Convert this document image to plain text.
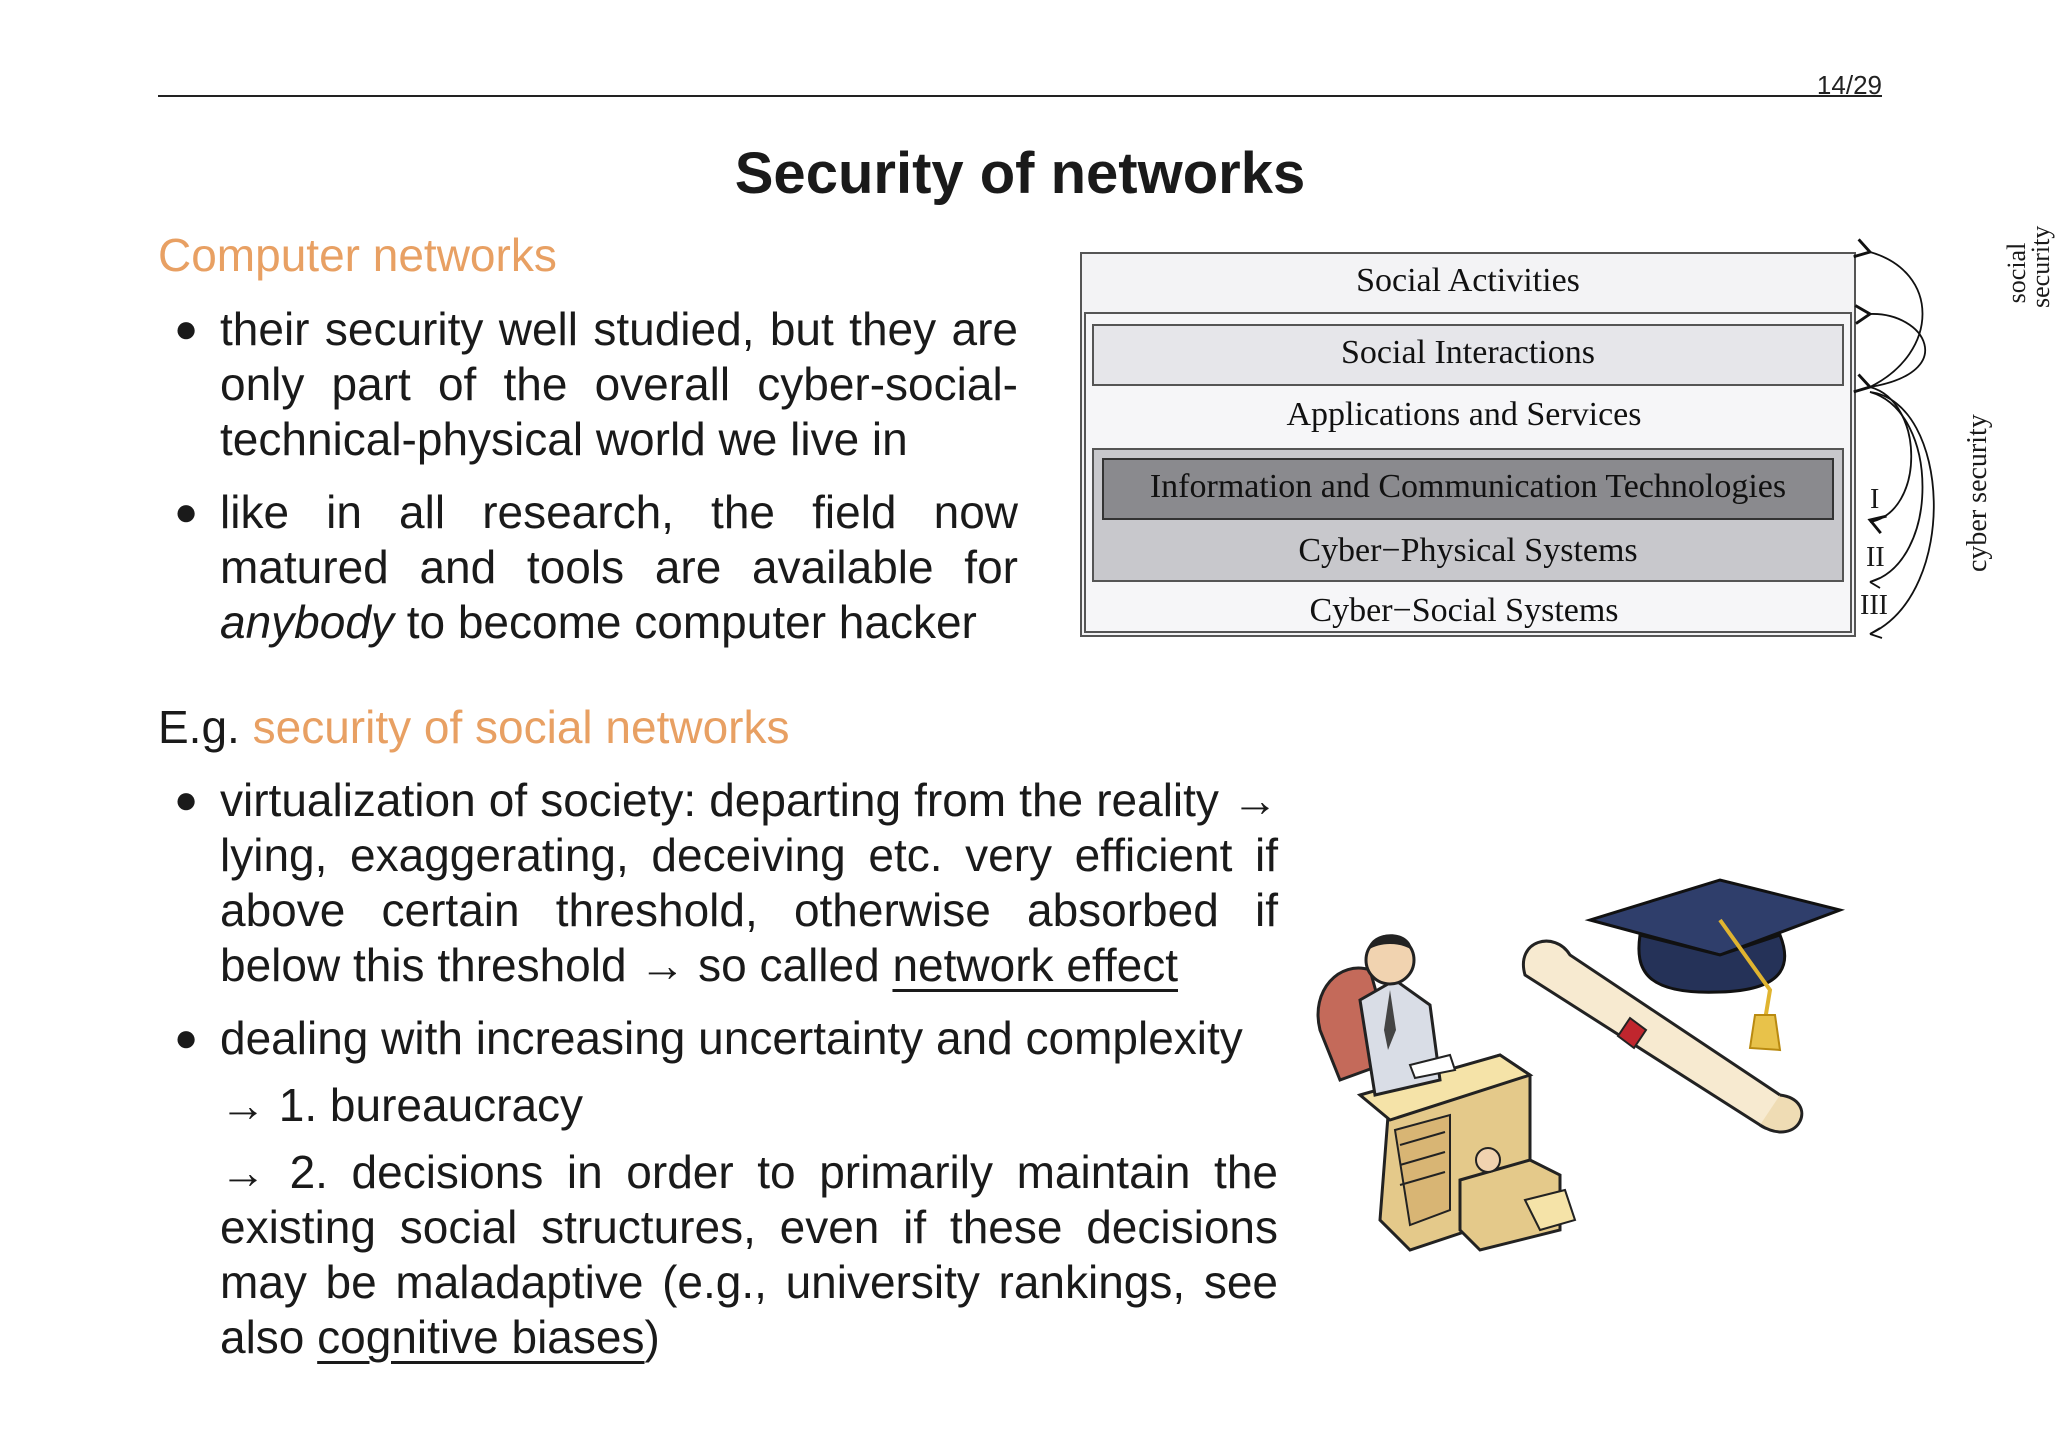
14/29
Security of networks
Computer networks
● their security well studied, but they are only part of the overall cyber-social-technical-physical world we live in

● like in all research, the field now matured and tools are available for anybody to become computer hacker

E.g. security of social networks
● virtualization of society: departing from the reality → lying, exaggerating, deceiving etc. very efficient if above certain threshold, otherwise absorbed if below this threshold → so called network effect

● dealing with increasing uncertainty and complexity
→ 1. bureaucracy
→ 2. decisions in order to primarily maintain the existing social structures, even if these decisions may be maladaptive (e.g., university rankings, see also cognitive biases)

Social Activities
Social Interactions
Applications and Services
Information and Communication Technologies
Cyber−Physical Systems
Cyber−Social Systems
I
II
III
social security
cyber security
